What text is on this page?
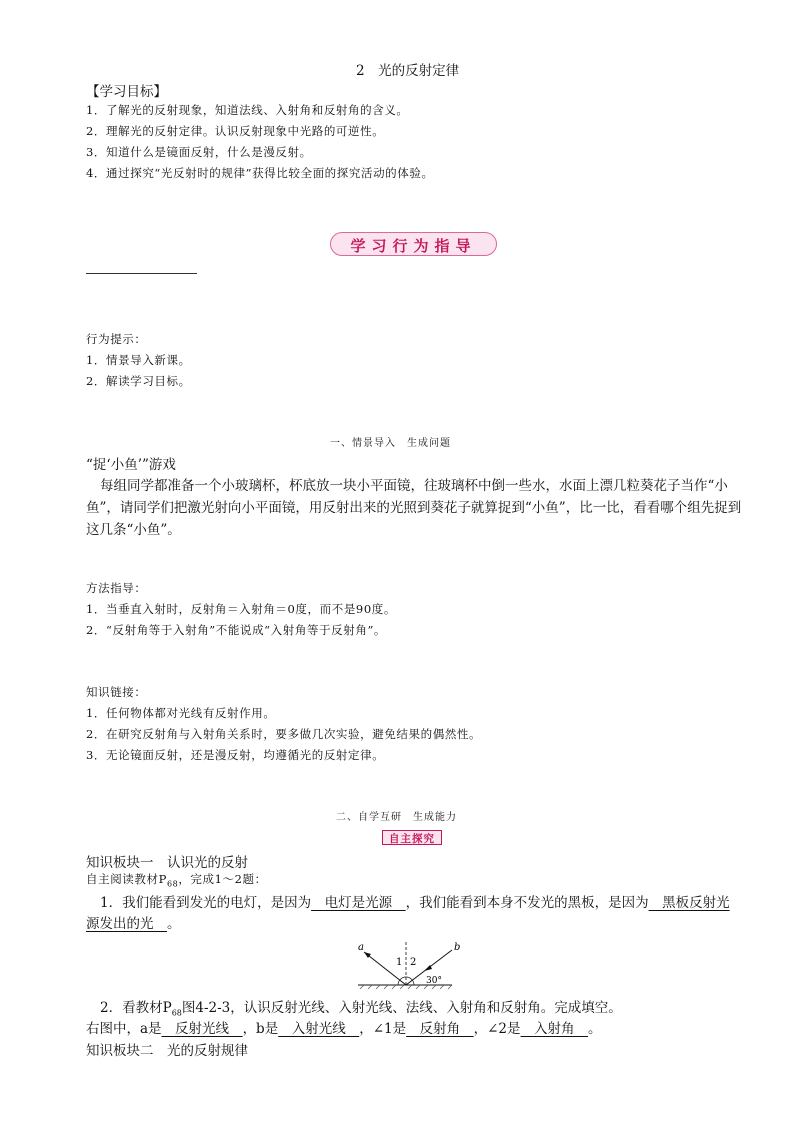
2　光的反射定律
【学习目标】
1．了解光的反射现象，知道法线、入射角和反射角的含义。
2．理解光的反射定律。认识反射现象中光路的可逆性。
3．知道什么是镜面反射，什么是漫反射。
4．通过探究“光反射时的规律”获得比较全面的探究活动的体验。
学习行为指导
行为提示：
1．情景导入新课。
2．解读学习目标。
一、情景导入　生成问题
“捉‘小鱼’”游戏
每组同学都准备一个小玻璃杯，杯底放一块小平面镜，往玻璃杯中倒一些水，水面上漂几粒葵花子当作“小
鱼”，请同学们把激光射向小平面镜，用反射出来的光照到葵花子就算捉到“小鱼”，比一比，看看哪个组先捉到
这几条“小鱼”。
方法指导：
1．当垂直入射时，反射角＝入射角＝0度，而不是90度。
2．“反射角等于入射角”不能说成“入射角等于反射角”。
知识链接：
1．任何物体都对光线有反射作用。
2．在研究反射角与入射角关系时，要多做几次实验，避免结果的偶然性。
3．无论镜面反射，还是漫反射，均遵循光的反射定律。
二、自学互研　生成能力
自主探究
知识板块一　认识光的反射
自主阅读教材$P_{68}$，完成1～2题：
1．我们能看到发光的电灯，是因为　电灯是光源　，我们能看到本身不发光的黑板，是因为　黑板反射光
源发出的光　。
a	b
1 2
30°
2．看教材$P_{68}$图4-2-3，认识反射光线、入射光线、法线、入射角和反射角。完成填空。
右图中，a是　反射光线　，b是　入射光线　，∠1是　反射角　，∠2是　入射角　。
知识板块二　光的反射规律
